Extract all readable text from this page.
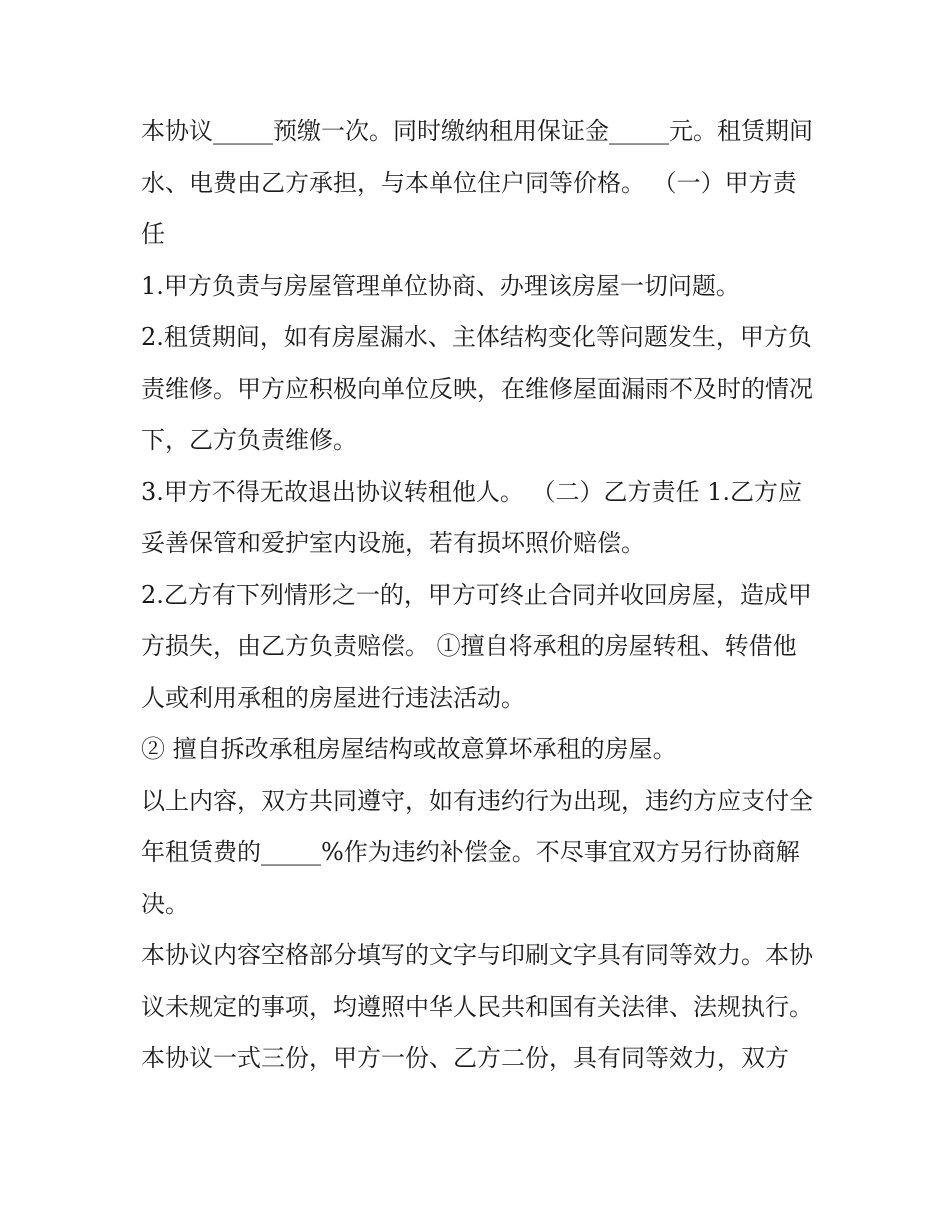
本协议_____预缴一次。同时缴纳租用保证金_____元。租赁期间水、电费由乙方承担，与本单位住户同等价格。 （一）甲方责任

1.甲方负责与房屋管理单位协商、办理该房屋一切问题。

2.租赁期间，如有房屋漏水、主体结构变化等问题发生，甲方负责维修。甲方应积极向单位反映，在维修屋面漏雨不及时的情况下，乙方负责维修。

3.甲方不得无故退出协议转租他人。 （二）乙方责任 1.乙方应妥善保管和爱护室内设施，若有损坏照价赔偿。

2.乙方有下列情形之一的，甲方可终止合同并收回房屋，造成甲方损失，由乙方负责赔偿。 ①擅自将承租的房屋转租、转借他人或利用承租的房屋进行违法活动。

② 擅自拆改承租房屋结构或故意算坏承租的房屋。

以上内容，双方共同遵守，如有违约行为出现，违约方应支付全年租赁费的_____%作为违约补偿金。不尽事宜双方另行协商解决。

本协议内容空格部分填写的文字与印刷文字具有同等效力。本协议未规定的事项，均遵照中华人民共和国有关法律、法规执行。

本协议一式三份，甲方一份、乙方二份，具有同等效力，双方
